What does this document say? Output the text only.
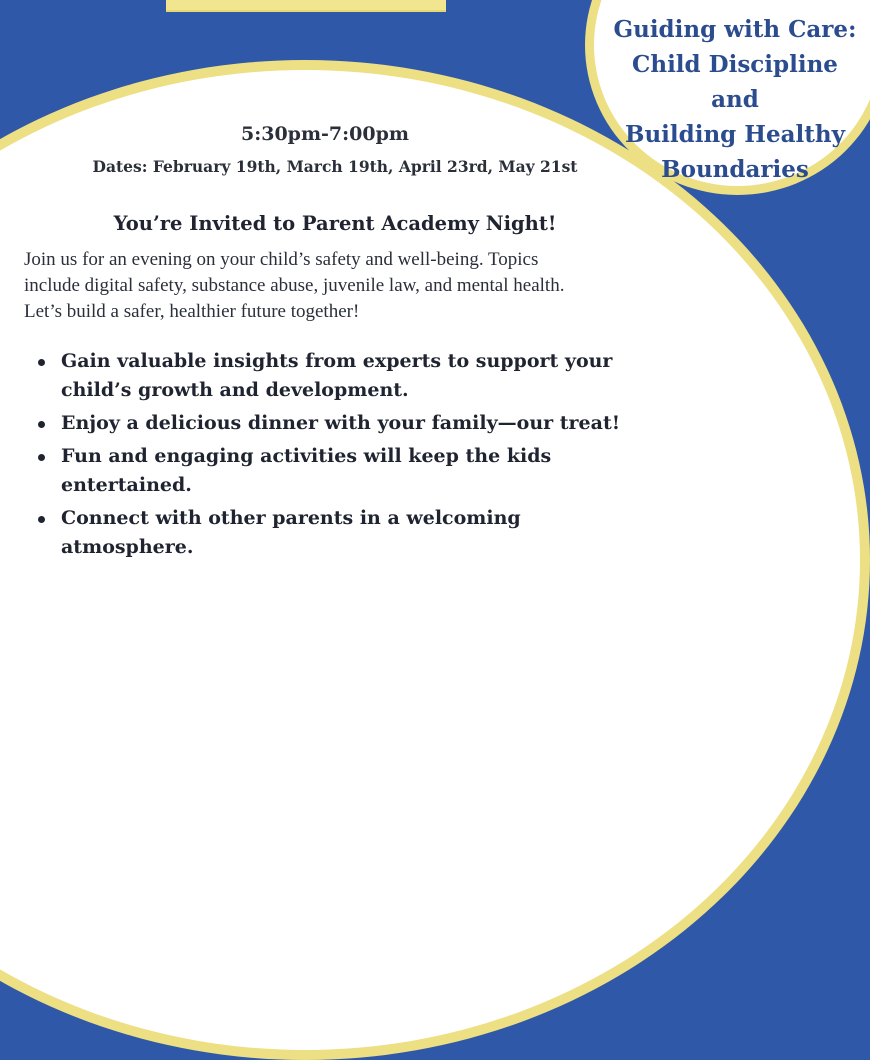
Guiding with Care:
Child Discipline and
Building Healthy
Boundaries
5:30pm-7:00pm
Dates: February 19th, March 19th, April 23rd, May 21st
You’re Invited to Parent Academy Night!
Join us for an evening on your child’s safety and well-being. Topics
include digital safety, substance abuse, juvenile law, and mental health.
Let’s build a safer, healthier future together!
Gain valuable insights from experts to support your
child’s growth and development.
Enjoy a delicious dinner with your family—our treat!
Fun and engaging activities will keep the kids
entertained.
Connect with other parents in a welcoming
atmosphere.
